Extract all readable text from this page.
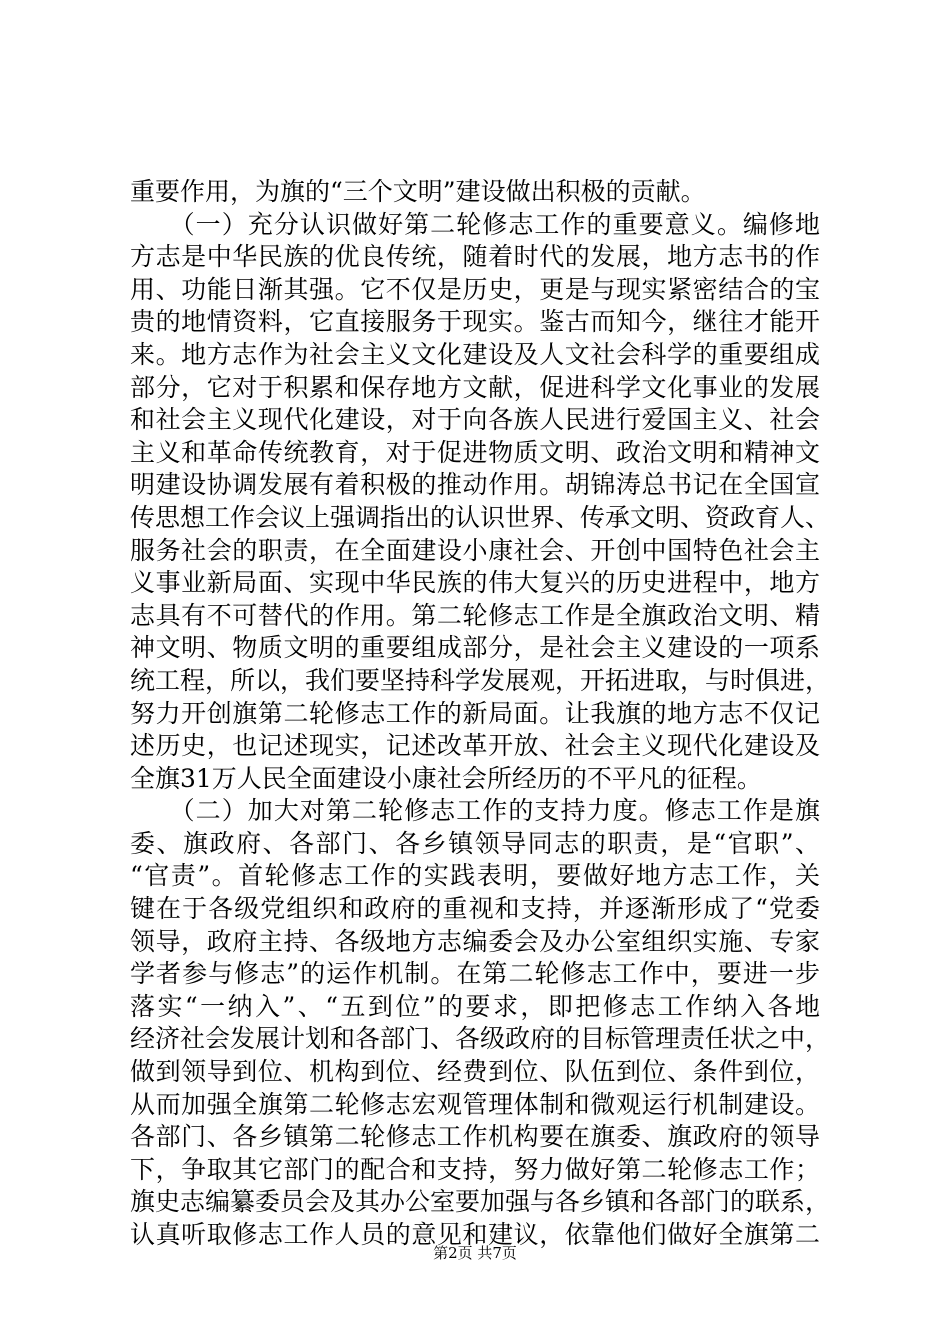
重要作用，为旗的“三个文明”建设做出积极的贡献。
　　（一）充分认识做好第二轮修志工作的重要意义。编修地
方志是中华民族的优良传统，随着时代的发展，地方志书的作
用、功能日渐其强。它不仅是历史，更是与现实紧密结合的宝
贵的地情资料，它直接服务于现实。鉴古而知今，继往才能开
来。地方志作为社会主义文化建设及人文社会科学的重要组成
部分，它对于积累和保存地方文献，促进科学文化事业的发展
和社会主义现代化建设，对于向各族人民进行爱国主义、社会
主义和革命传统教育，对于促进物质文明、政治文明和精神文
明建设协调发展有着积极的推动作用。胡锦涛总书记在全国宣
传思想工作会议上强调指出的认识世界、传承文明、资政育人、
服务社会的职责，在全面建设小康社会、开创中国特色社会主
义事业新局面、实现中华民族的伟大复兴的历史进程中，地方
志具有不可替代的作用。第二轮修志工作是全旗政治文明、精
神文明、物质文明的重要组成部分，是社会主义建设的一项系
统工程，所以，我们要坚持科学发展观，开拓进取，与时俱进，
努力开创旗第二轮修志工作的新局面。让我旗的地方志不仅记
述历史，也记述现实，记述改革开放、社会主义现代化建设及
全旗31万人民全面建设小康社会所经历的不平凡的征程。
　　（二）加大对第二轮修志工作的支持力度。修志工作是旗
委、旗政府、各部门、各乡镇领导同志的职责，是“官职”、
“官责”。首轮修志工作的实践表明，要做好地方志工作，关
键在于各级党组织和政府的重视和支持，并逐渐形成了“党委
领导，政府主持、各级地方志编委会及办公室组织实施、专家
学者参与修志”的运作机制。在第二轮修志工作中，要进一步
落实“一纳入”、“五到位”的要求，即把修志工作纳入各地
经济社会发展计划和各部门、各级政府的目标管理责任状之中，
做到领导到位、机构到位、经费到位、队伍到位、条件到位，
从而加强全旗第二轮修志宏观管理体制和微观运行机制建设。
各部门、各乡镇第二轮修志工作机构要在旗委、旗政府的领导
下，争取其它部门的配合和支持，努力做好第二轮修志工作；
旗史志编纂委员会及其办公室要加强与各乡镇和各部门的联系，
认真听取修志工作人员的意见和建议，依靠他们做好全旗第二
第2页 共7页
